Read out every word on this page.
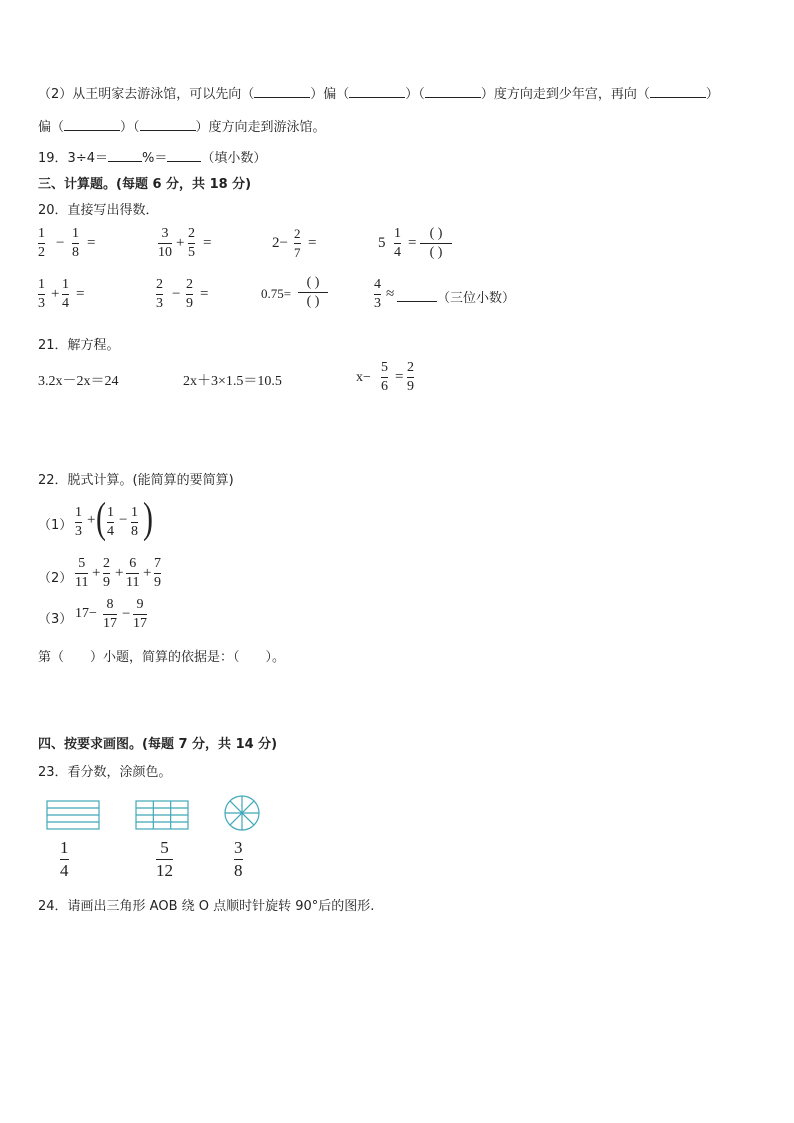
（2）从王明家去游泳馆，可以先向（	）偏（	）（	）度方向走到少年宫，再向（	）
偏（	）（	）度方向走到游泳馆。
19．3÷4＝	%＝	（填小数）
三、计算题。(每题 6 分，共 18 分)
20．直接写出得数．
1
2
−
1
8
=
3
10
+
2
5
=	2−
2
7
=	5
1
4
=
( )
( )
1
3
+
1
4
=
2
3
−
2
9
=	0.75=
( )
( )
4
3
≈	（三位小数）
21．解方程。
3.2x－2x＝24	2x＋3×1.5＝10.5	x−
5
6
=
2
9
22．脱式计算。(能简算的要简算)
（1）
1
3
+ ( 1
4
− 1
8 )
（2）
5
11
+
2
9
+
6
11
+
7
9
（3） 17−
8
17
−
9
17
第（　　）小题，简算的依据是：（　　）。
四、按要求画图。(每题 7 分，共 14 分)
23．看分数，涂颜色。
1
4
5
12
3
8
24．请画出三角形 AOB 绕 O 点顺时针旋转 90°后的图形.
